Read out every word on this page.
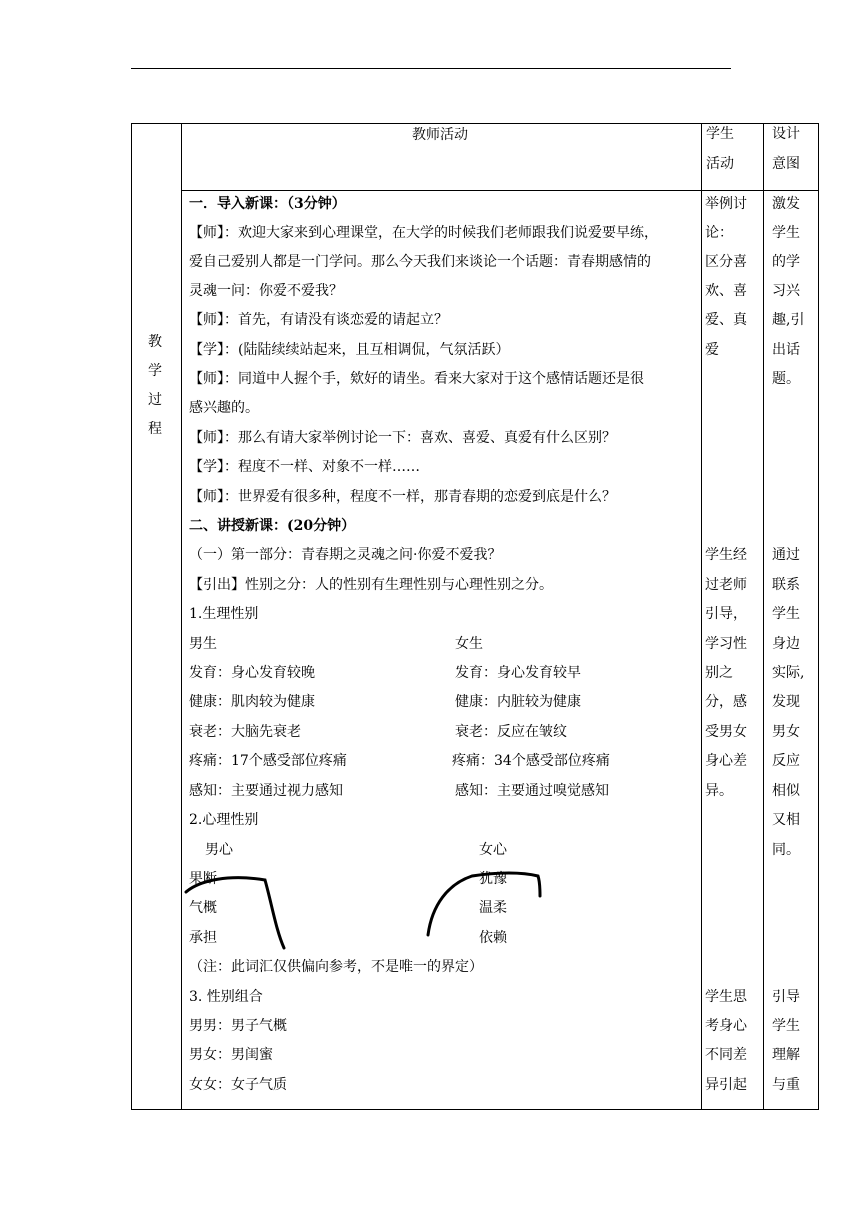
教
学
过
程
教师活动	学生
活动
设计
意图
一．导入新课：（3分钟）
【师】：欢迎大家来到心理课堂，在大学的时候我们老师跟我们说爱要早练，
爱自己爱别人都是一门学问。那么今天我们来谈论一个话题：青春期感情的
灵魂一问：你爱不爱我？
【师】：首先，有请没有谈恋爱的请起立？
【学】：(陆陆续续站起来，且互相调侃，气氛活跃）
【师】：同道中人握个手，欸好的请坐。看来大家对于这个感情话题还是很
感兴趣的。
【师】：那么有请大家举例讨论一下：喜欢、喜爱、真爱有什么区别？
【学】：程度不一样、对象不一样……
【师】：世界爱有很多种，程度不一样，那青春期的恋爱到底是什么？
二、讲授新课：(20分钟）
（一）第一部分：青春期之灵魂之问·你爱不爱我？
【引出】性别之分：人的性别有生理性别与心理性别之分。
1.生理性别
男生
发育：身心发育较晚
健康：肌肉较为健康
衰老：大脑先衰老
疼痛：17个感受部位疼痛
感知：主要通过视力感知
女生
发育：身心发育较早
健康：内脏较为健康
衰老：反应在皱纹
疼痛：34个感受部位疼痛
感知：主要通过嗅觉感知
2.心理性别
男心
果断
气概
承担
女心
犹豫
温柔
依赖
（注：此词汇仅供偏向参考，不是唯一的界定）
3. 性别组合
男男：男子气概
男女：男闺蜜
女女：女子气质
举例讨
论：
区分喜
欢、喜
爱、真
爱
学生经
过老师
引导，
学习性
别之
分，感
受男女
身心差
异。
学生思
考身心
不同差
异引起
激发
学生
的学
习兴
趣,引
出话
题。
通过
联系
学生
身边
实际,
发现
男女
反应
相似
又相
同。
引导
学生
理解
与重
